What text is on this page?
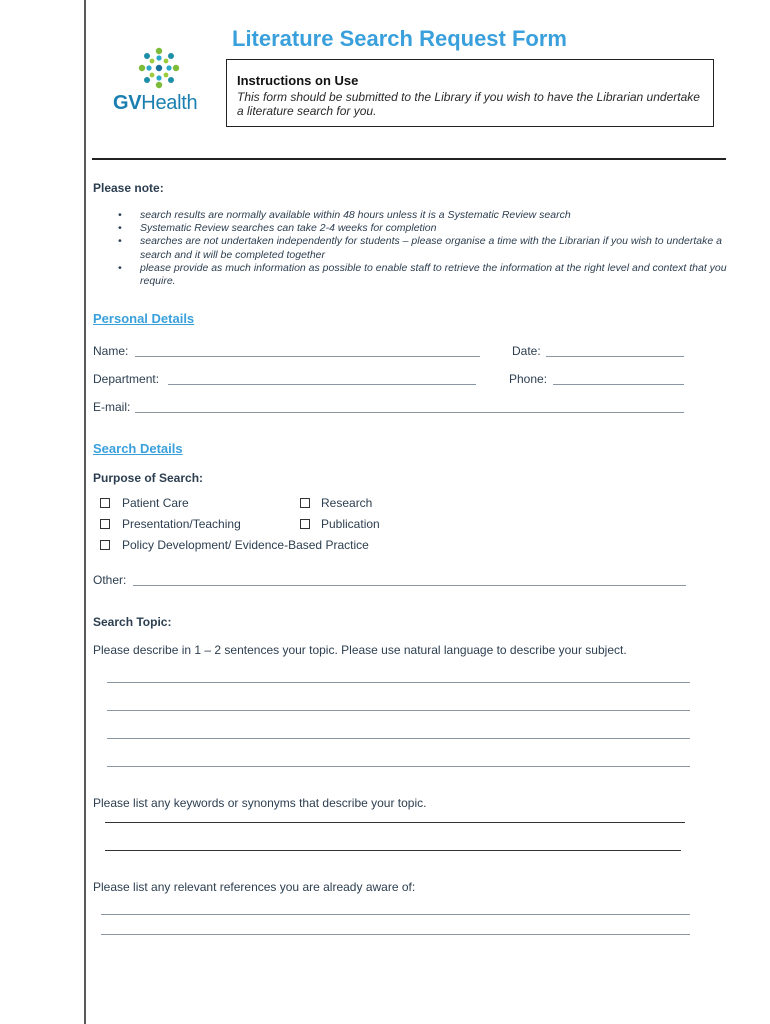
Literature Search Request Form
GVHealth
Instructions on Use
This form should be submitted to the Library if you wish to have the Librarian undertake a literature search for you.
Please note:
• search results are normally available within 48 hours unless it is a Systematic Review search
• Systematic Review searches can take 2-4 weeks for completion
• searches are not undertaken independently for students – please organise a time with the Librarian if you wish to undertake a search and it will be completed together
• please provide as much information as possible to enable staff to retrieve the information at the right level and context that you require.
Personal Details
Name:	Date:
Department:	Phone:
E-mail:
Search Details
Purpose of Search:
Patient Care	Research
Presentation/Teaching	Publication
Policy Development/ Evidence-Based Practice
Other:
Search Topic:
Please describe in 1 – 2 sentences your topic. Please use natural language to describe your subject.
Please list any keywords or synonyms that describe your topic.
Please list any relevant references you are already aware of:
